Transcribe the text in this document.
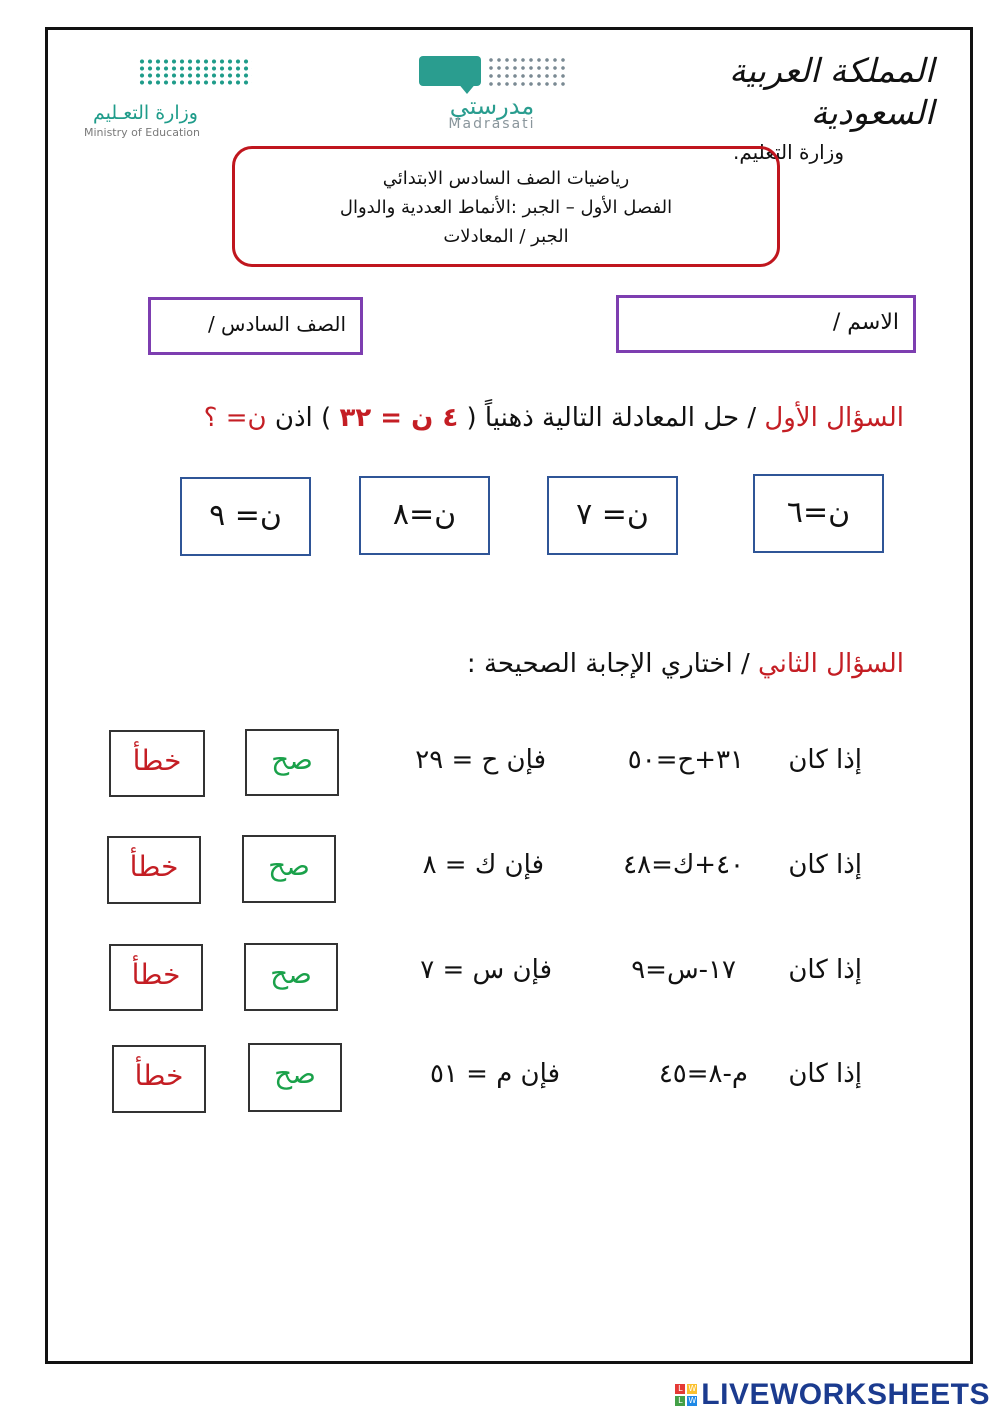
المملكة العربية السعودية
وزارة التعليم.
مدرستي
Madrasati
وزارة التعـليم
Ministry of Education
رياضيات الصف السادس الابتدائي
الفصل الأول – الجبر :الأنماط العددية والدوال
الجبر / المعادلات
الاسم /
الصف السادس /
السؤال الأول / حل المعادلة التالية ذهنياً ( ٤ ن = ٣٢ ) اذن ن= ؟
ن=٦
ن= ٧
ن=٨
ن= ٩
السؤال الثاني / اختاري الإجابة الصحيحة :
إذا كان
٣١+ح=٥٠
فإن ح = ٢٩
صح
خطأ
إذا كان
٤٠+ك=٤٨
فإن ك = ٨
صح
خطأ
إذا كان
١٧-س=٩
فإن س = ٧
صح
خطأ
إذا كان
م-٨=٤٥
فإن م = ٥١
صح
خطأ
L W
L W LIVEWORKSHEETS
